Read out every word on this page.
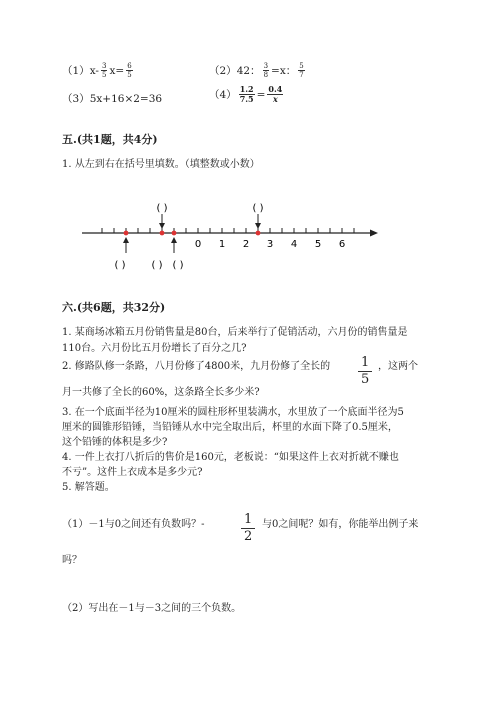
（1） $x- \frac{3}{5} x= \frac{6}{5}$	（2） 42： $\frac{3}{8} =x$： $\frac{5}{7}$
（3） 5x+16×2=36	$(4) \frac{1.2}{7.5} = \frac{0.4}{x}$
五.(共1题，共4分)
1. 从左到右在括号里填数。（填整数或小数）
0 1 2 3 4 5 6
( )	( )
( )	( ) ( )
六.(共6题，共32分)
1. 某商场冰箱五月份销售量是80台，后来举行了促销活动，六月份的销售量是
110台。六月份比五月份增长了百分之几?
2. 修路队修一条路，八月份修了4800米，九月份修了全长的 $\frac{1}{5}$ ，这两个
月一共修了全长的60%，这条路全长多少米?
3. 在一个底面半径为10厘米的圆柱形杯里装满水，水里放了一个底面半径为5
厘米的圆锥形铅锤，当铅锤从水中完全取出后，杯里的水面下降了0.5厘米，
这个铅锤的体积是多少?
4. 一件上衣打八折后的售价是160元，老板说：“如果这件上衣对折就不赚也
不亏”。这件上衣成本是多少元?
5. 解答题。
（1）－1与0之间还有负数吗？-	$\frac{1}{2}$ 与0之间呢？如有，你能举出例子来
吗？
（2）写出在－1与－3之间的三个负数。
